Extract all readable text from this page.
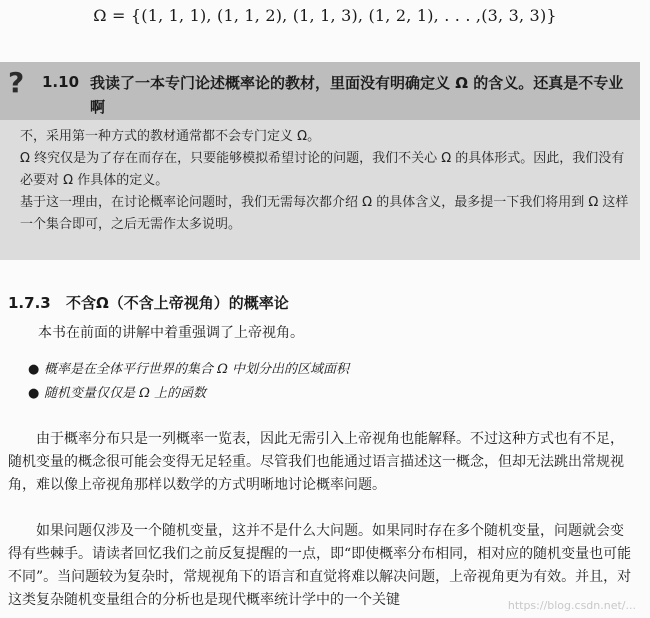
Ω = {(1, 1, 1), (1, 1, 2), (1, 1, 3), (1, 2, 1), . . . ,(3, 3, 3)}
? 1.10 我读了一本专门论述概率论的教材，里面没有明确定义 Ω 的含义。还真是不专业啊
不，采用第一种方式的教材通常都不会专门定义 Ω。
Ω 终究仅是为了存在而存在，只要能够模拟希望讨论的问题，我们不关心 Ω 的具体形式。因此，我们没有必要对 Ω 作具体的定义。
基于这一理由，在讨论概率论问题时，我们无需每次都介绍 Ω 的具体含义，最多提一下我们将用到 Ω 这样一个集合即可，之后无需作太多说明。
1.7.3 不含Ω（不含上帝视角）的概率论
本书在前面的讲解中着重强调了上帝视角。
● 概率是在全体平行世界的集合 Ω 中划分出的区域面积
● 随机变量仅仅是 Ω 上的函数
由于概率分布只是一列概率一览表，因此无需引入上帝视角也能解释。不过这种方式也有不足，随机变量的概念很可能会变得无足轻重。尽管我们也能通过语言描述这一概念，但却无法跳出常规视角，难以像上帝视角那样以数学的方式明晰地讨论概率问题。
如果问题仅涉及一个随机变量，这并不是什么大问题。如果同时存在多个随机变量，问题就会变得有些棘手。请读者回忆我们之前反复提醒的一点，即“即使概率分布相同，相对应的随机变量也可能不同”。当问题较为复杂时，常规视角下的语言和直觉将难以解决问题，上帝视角更为有效。并且，对这类复杂随机变量组合的分析也是现代概率统计学中的一个关键	https://blog.csdn.net/...
